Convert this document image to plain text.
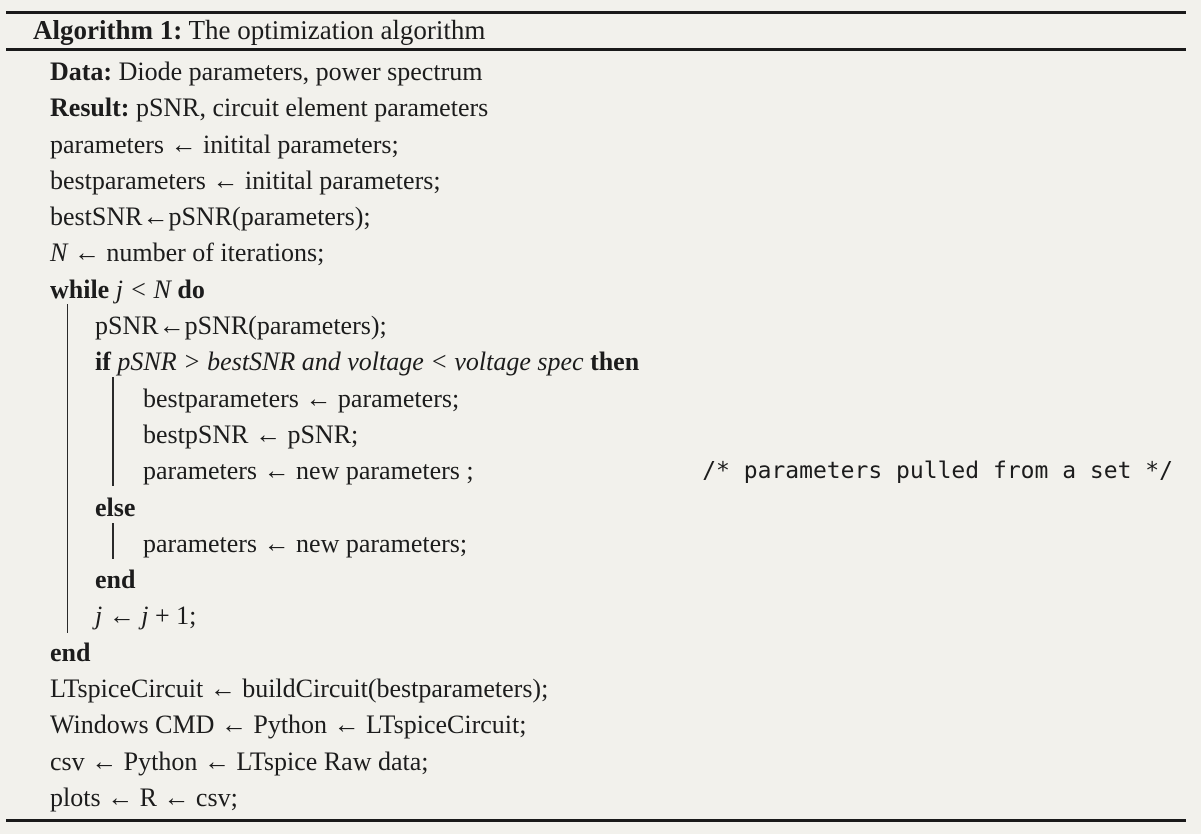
Algorithm 1: The optimization algorithm
Data: Diode parameters, power spectrum
Result: pSNR, circuit element parameters
parameters ← initital parameters;
bestparameters ← initital parameters;
bestSNR←pSNR(parameters);
N ← number of iterations;
while j < N do
pSNR←pSNR(parameters);
if pSNR > bestSNR and voltage < voltage spec then
bestparameters ← parameters;
bestpSNR ← pSNR;
parameters ← new parameters ;	/* parameters pulled from a set */
else
parameters ← new parameters;
end
j ← j + 1;
end
LTspiceCircuit ← buildCircuit(bestparameters);
Windows CMD ← Python ← LTspiceCircuit;
csv ← Python ← LTspice Raw data;
plots ← R ← csv;
